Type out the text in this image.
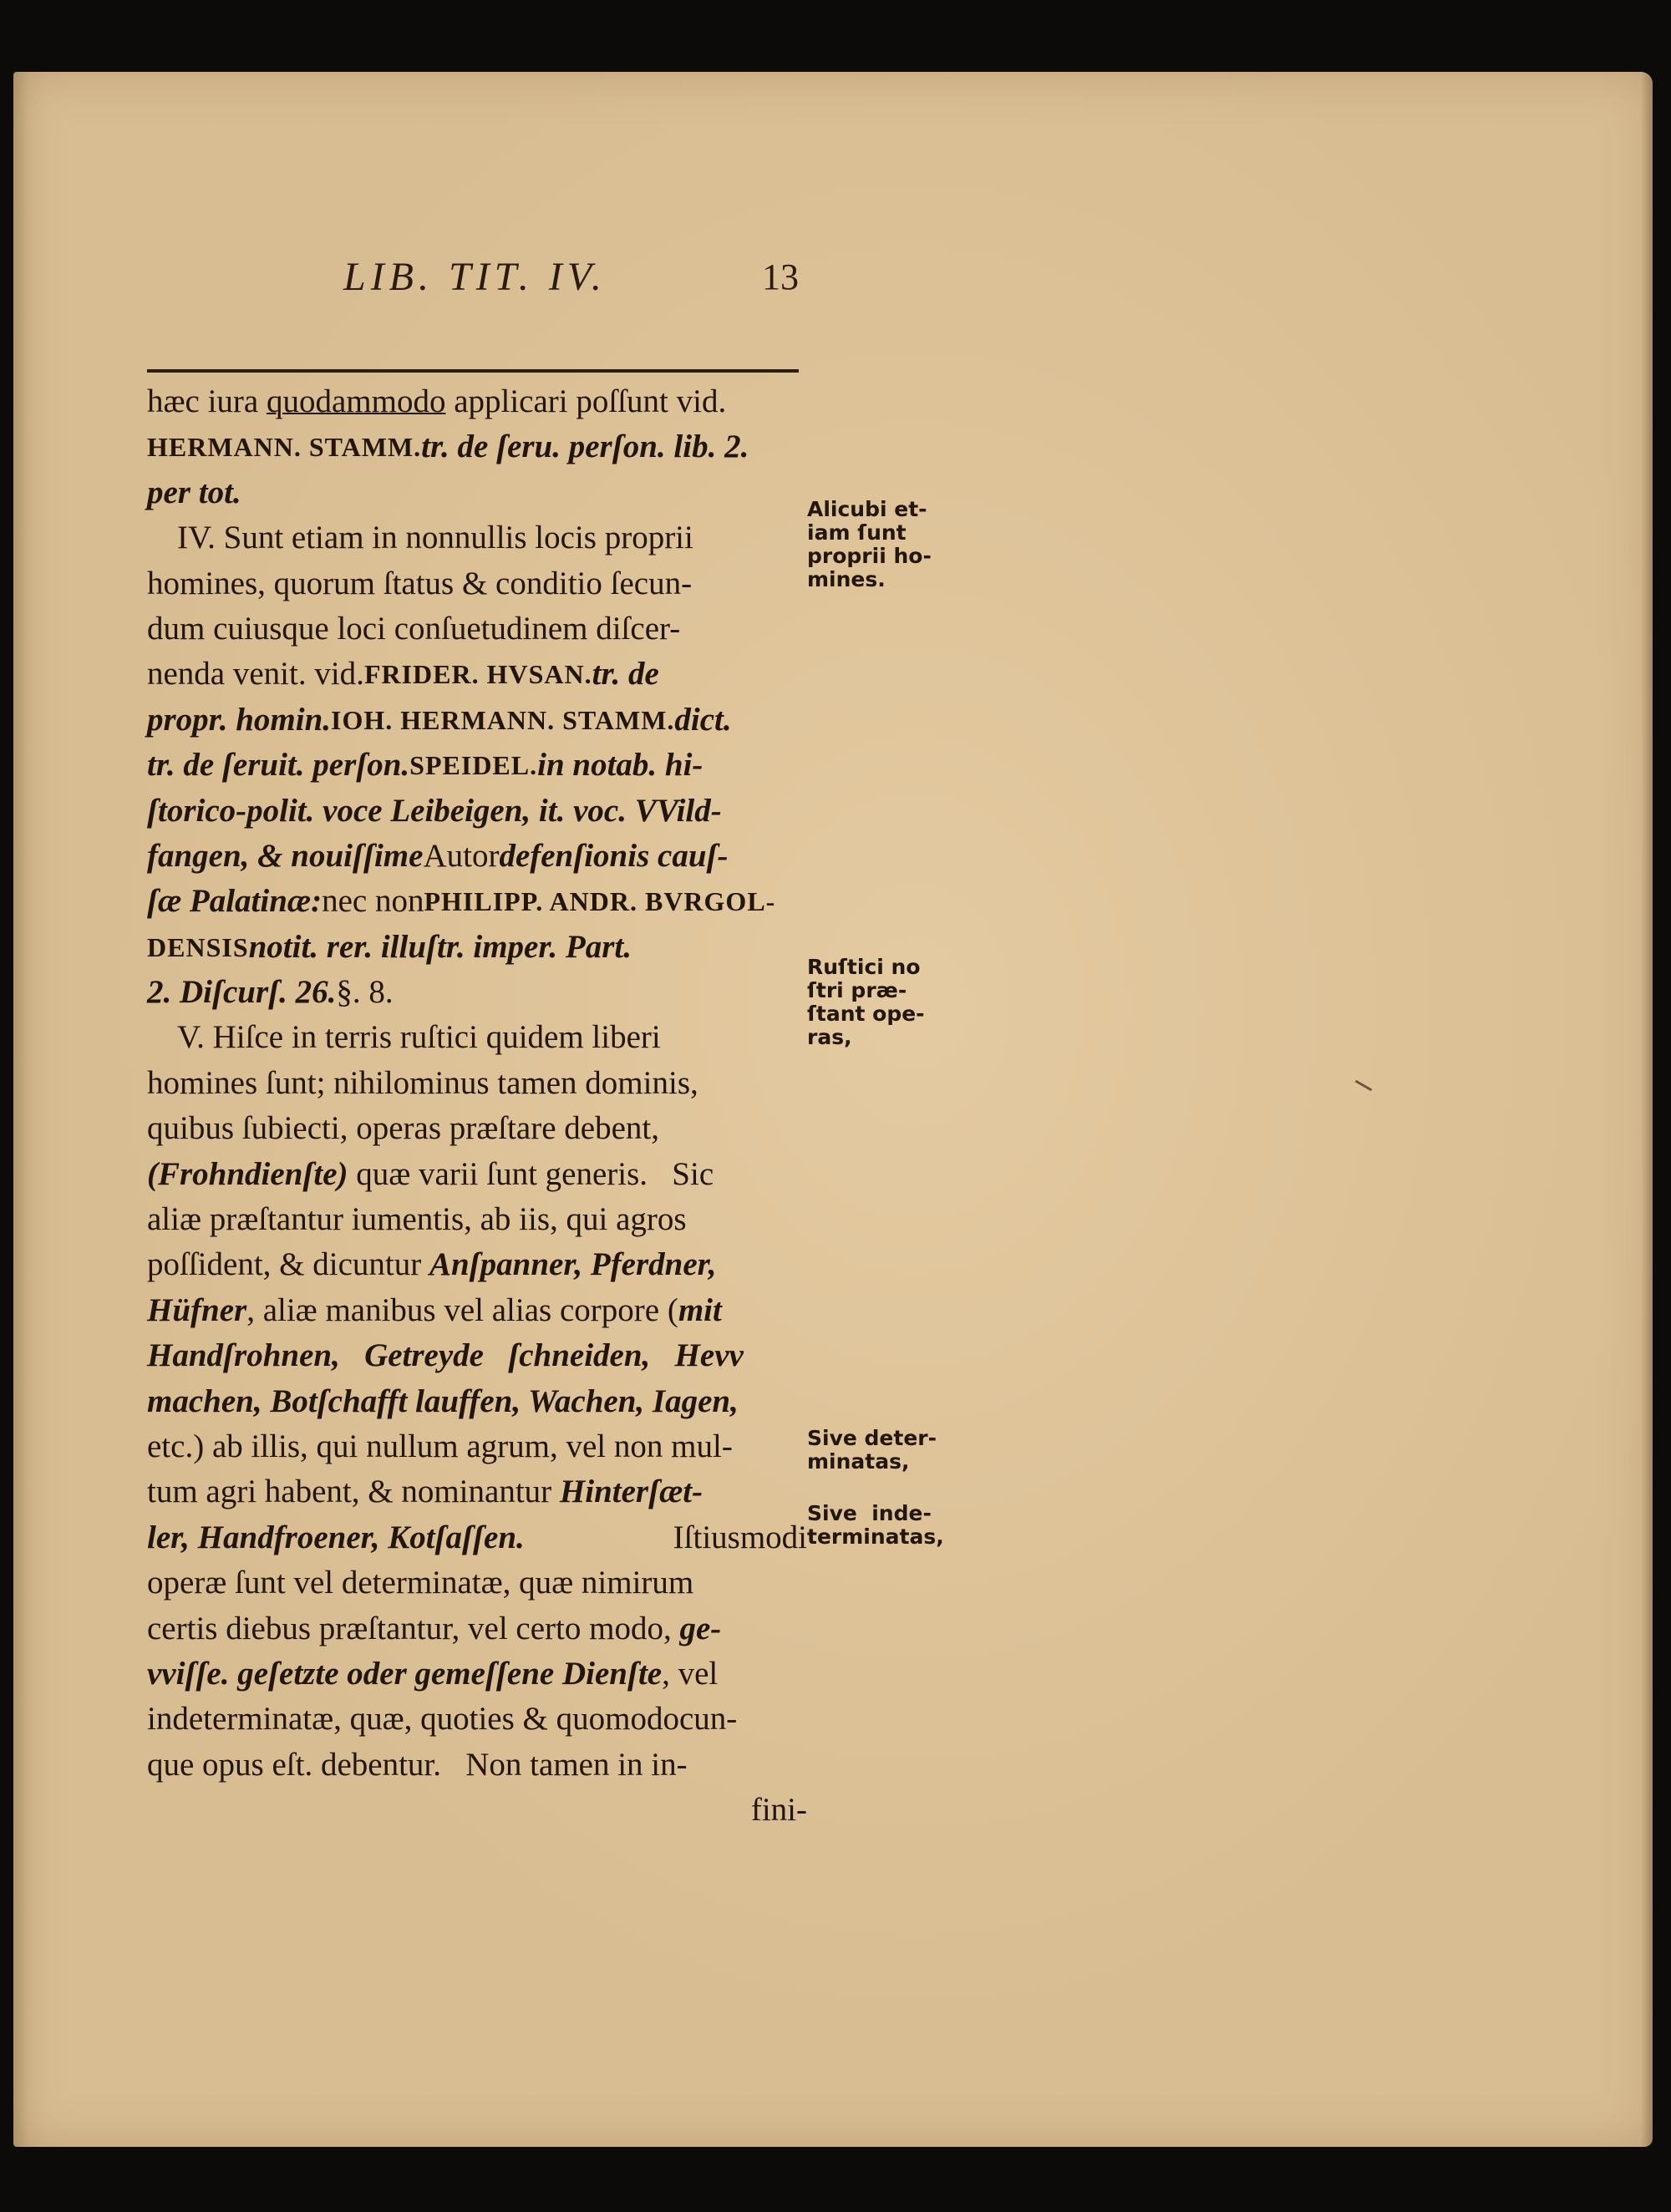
LIB. TIT. IV.	13
hæc iura quodammodo applicari poſſunt vid.
HERMANN. STAMM. tr. de ſeru. perſon. lib. 2.
per tot.
IV. Sunt etiam in nonnullis locis proprii
homines, quorum ſtatus & conditio ſecun-
dum cuiusque loci conſuetudinem diſcer-
nenda venit. vid. FRIDER. HVSAN. tr. de
propr. homin. IOH. HERMANN. STAMM. dict.
tr. de ſeruit. perſon. SPEIDEL. in notab. hi-
ſtorico-polit. voce Leibeigen, it. voc. VVild-
fangen, & nouiſſime Autor defenſionis cauſ-
ſæ Palatinæ: nec non PHILIPP. ANDR. BVRGOL-
DENSIS notit. rer. illuſtr. imper. Part.
2. Diſcurſ. 26. §. 8.
V. Hiſce in terris ruſtici quidem liberi
homines ſunt; nihilominus tamen dominis,
quibus ſubiecti, operas præſtare debent,
(Frohndienſte) quæ varii ſunt generis.   Sic
aliæ præſtantur iumentis, ab iis, qui agros
poſſident, & dicuntur Anſpanner, Pferdner,
Hüfner , aliæ manibus vel alias corpore ( mit
Handſrohnen,   Getreyde   ſchneiden,   Hevv
machen, Botſchafft lauffen, Wachen, Iagen,
etc.) ab illis, qui nullum agrum, vel non mul-
tum agri habent, & nominantur Hinterſæt-
ler, Handfroener, Kotſaſſen.	Iſtiusmodi
operæ ſunt vel determinatæ, quæ nimirum
certis diebus præſtantur, vel certo modo, ge-
vviſſe. geſetzte oder gemeſſene Dienſte , vel
indeterminatæ, quæ, quoties & quomodocun-
que opus eſt. debentur.   Non tamen in in-
fini-
Alicubi et-
iam ſunt
proprii ho-
mines.
Ruſtici no
ſtri præ-
ſtant ope-
ras,
Sive deter-
minatas,
Sive  inde-
terminatas,
